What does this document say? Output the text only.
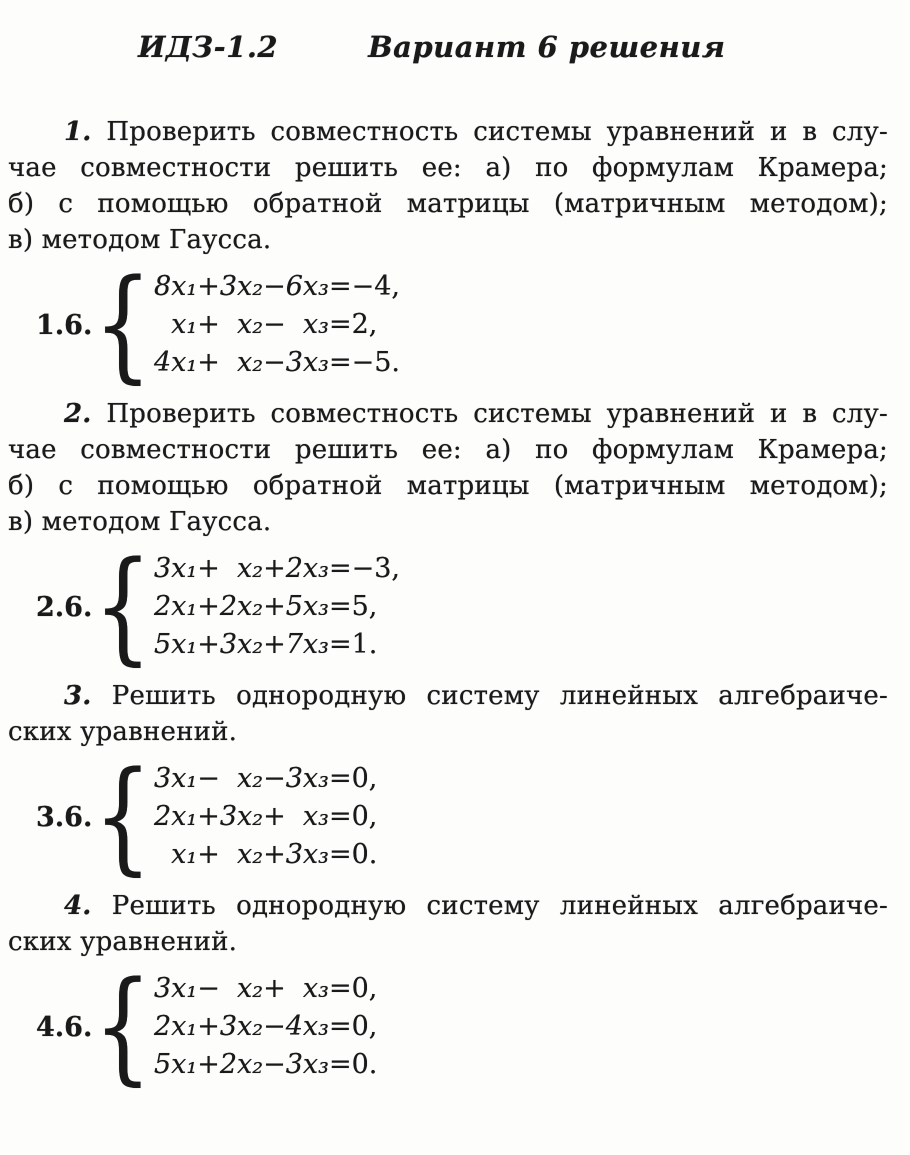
ИДЗ-1.2	Вариант 6 решения
1. Проверить совместность системы уравнений и в слу-
чае совместности решить ее: а) по формулам Крамера;
б) с помощью обратной матрицы (матричным методом);
в) методом Гаусса.
1.6. { 8x₁	+	3x₂	−	6x₃	=	−4,
x₁	+	x₂	−	x₃	=	2,
4x₁	+	x₂	−	3x₃	=	−5.
2. Проверить совместность системы уравнений и в слу-
чае совместности решить ее: а) по формулам Крамера;
б) с помощью обратной матрицы (матричным методом);
в) методом Гаусса.
2.6. { 3x₁	+	x₂	+	2x₃	=	−3,
2x₁	+	2x₂	+	5x₃	=	5,
5x₁	+	3x₂	+	7x₃	=	1.
3. Решить однородную систему линейных алгебраиче-
ских уравнений.
3.6. { 3x₁	−	x₂	−	3x₃	=	0,
2x₁	+	3x₂	+	x₃	=	0,
x₁	+	x₂	+	3x₃	=	0.
4. Решить однородную систему линейных алгебраиче-
ских уравнений.
4.6. { 3x₁	−	x₂	+	x₃	=	0,
2x₁	+	3x₂	−	4x₃	=	0,
5x₁	+	2x₂	−	3x₃	=	0.
